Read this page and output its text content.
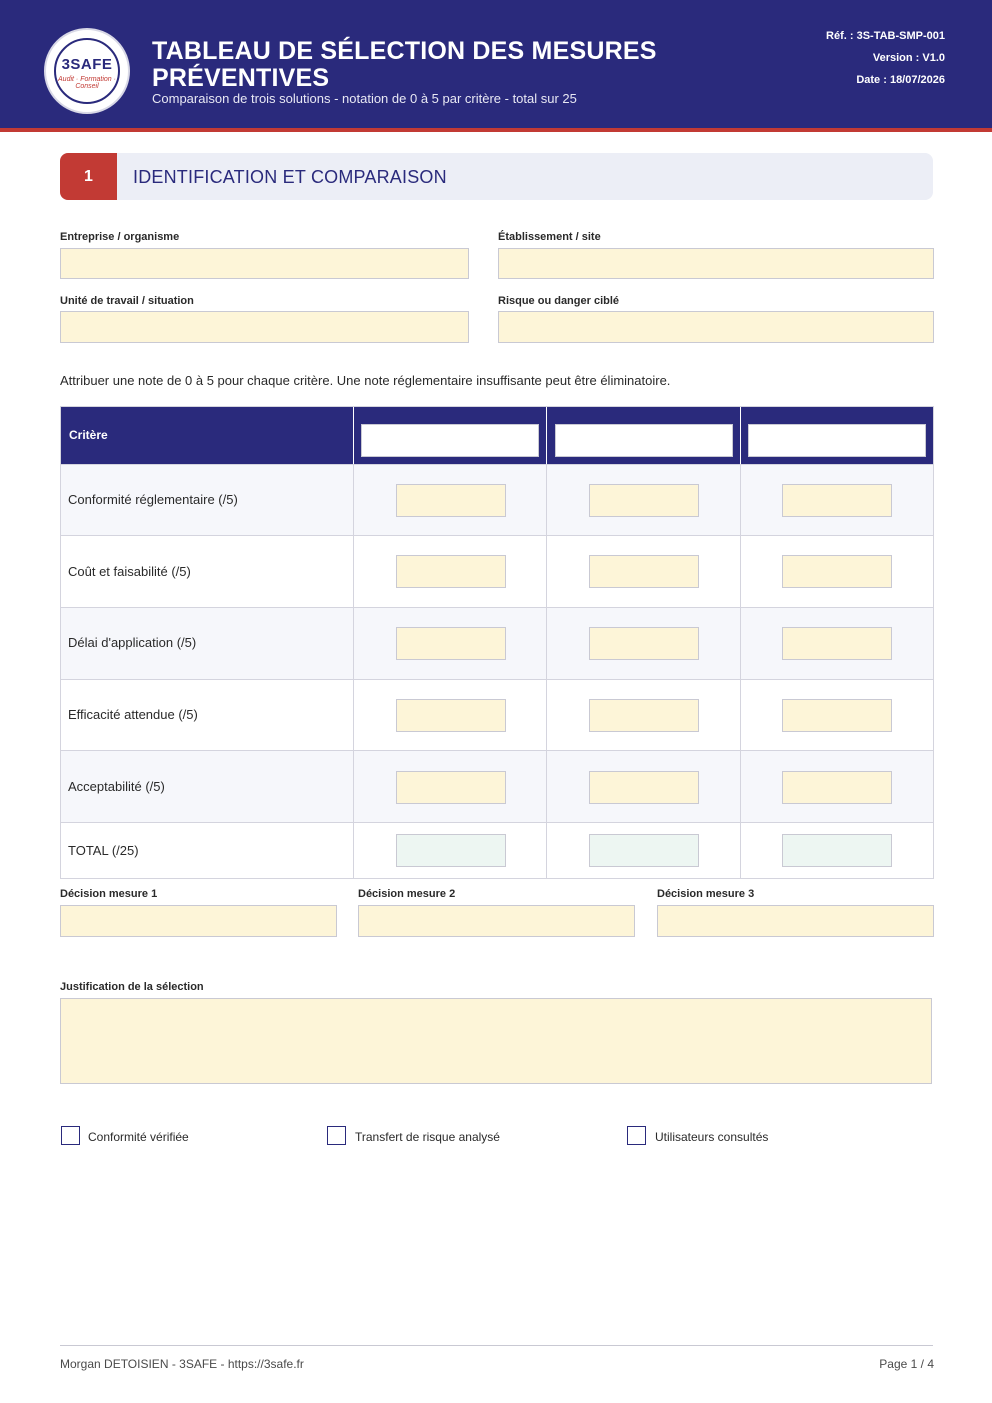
3SAFE
Audit · Formation · Conseil
TABLEAU DE SÉLECTION DES MESURES PRÉVENTIVES
Comparaison de trois solutions - notation de 0 à 5 par critère - total sur 25
Réf. : 3S-TAB-SMP-001
Version : V1.0
Date : 18/07/2026
1	IDENTIFICATION ET COMPARAISON
Entreprise / organisme	Établissement / site
Unité de travail / situation	Risque ou danger ciblé
Attribuer une note de 0 à 5 pour chaque critère. Une note réglementaire insuffisante peut être éliminatoire.
Critère
Conformité réglementaire (/5)
Coût et faisabilité (/5)
Délai d'application (/5)
Efficacité attendue (/5)
Acceptabilité (/5)
TOTAL (/25)
Décision mesure 1	Décision mesure 2	Décision mesure 3
Justification de la sélection
Conformité vérifiée	Transfert de risque analysé	Utilisateurs consultés
Morgan DETOISIEN - 3SAFE - https://3safe.fr	Page 1 / 4
